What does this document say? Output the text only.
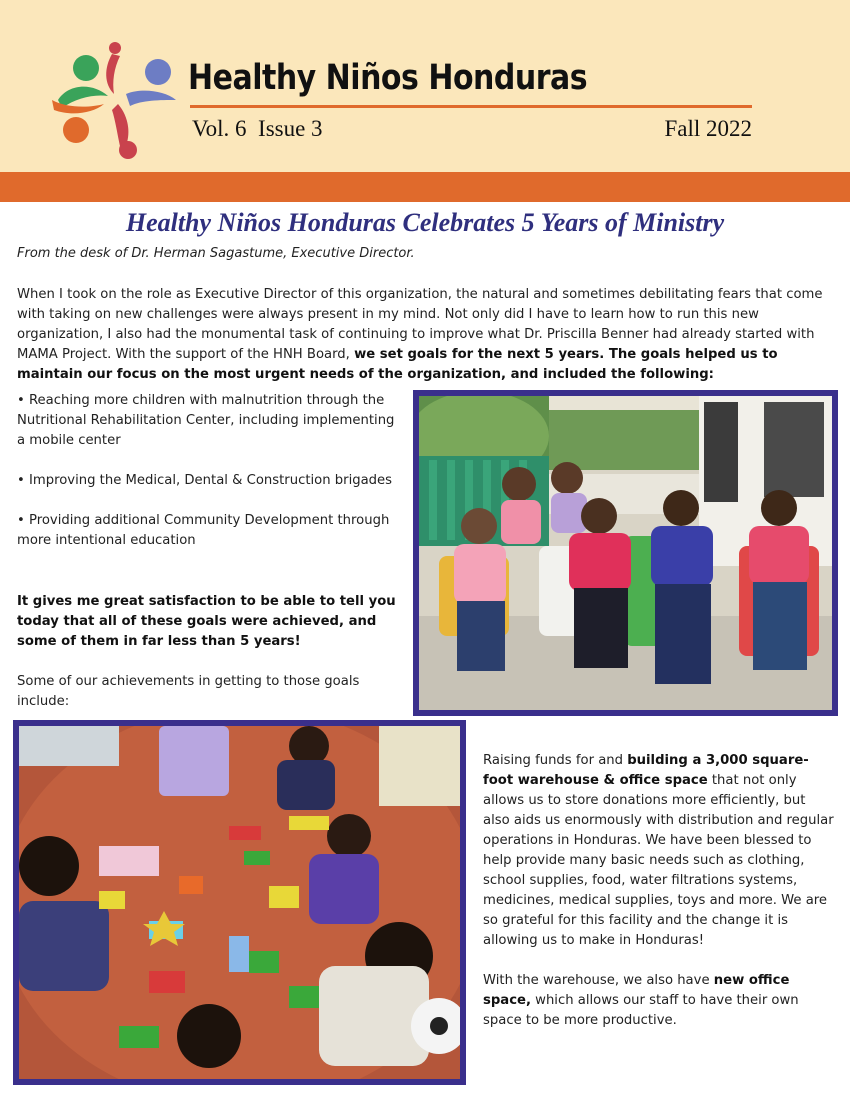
Healthy Niños Honduras
Vol. 6  Issue 3	Fall 2022
Healthy Niños Honduras Celebrates 5 Years of Ministry
From the desk of Dr. Herman Sagastume, Executive Director.

When I took on the role as Executive Director of this organization, the natural and sometimes debilitating fears that come with taking on new challenges were always present in my mind. Not only did I have to learn how to run this new organization, I also had the monumental task of continuing to improve what Dr. Priscilla Benner had already started with MAMA Project. With the support of the HNH Board, we set goals for the next 5 years. The goals helped us to maintain our focus on the most urgent needs of the organization, and included the following:

• Reaching more children with malnutrition through the Nutritional Rehabilitation Center, including implementing a mobile center
• Improving the Medical, Dental & Construction brigades
• Providing additional Community Development through more intentional education

It gives me great satisfaction to be able to tell you today that all of these goals were achieved, and some of them in far less than 5 years!

Some of our achievements in getting to those goals include:

Raising funds for and building a 3,000 square-foot warehouse & office space that not only allows us to store donations more efficiently, but also aids us enormously with distribution and regular operations in Honduras. We have been blessed to help provide many basic needs such as clothing, school supplies, food, water filtrations systems, medicines, medical supplies, toys and more. We are so grateful for this facility and the change it is allowing us to make in Honduras!

With the warehouse, we also have new office space, which allows our staff to have their own space to be more productive.
